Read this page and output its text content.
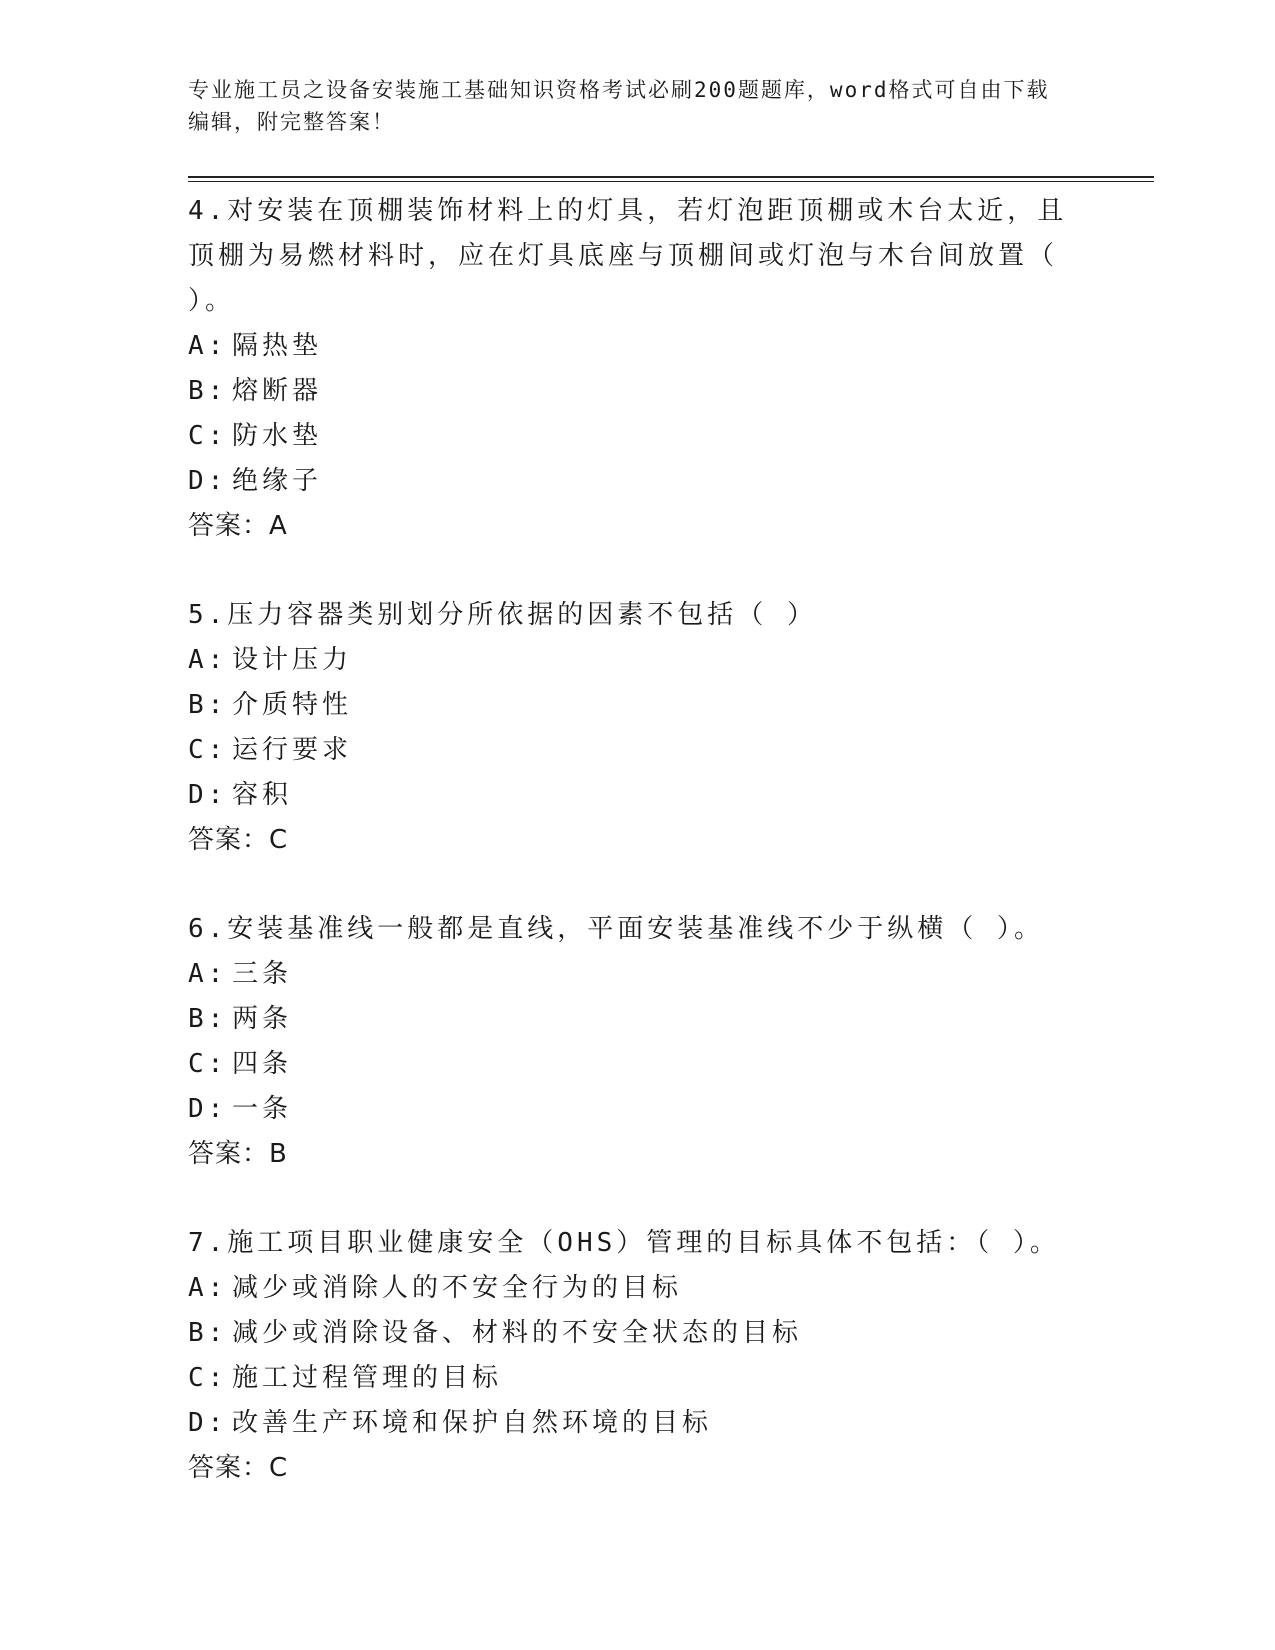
专业施工员之设备安装施工基础知识资格考试必刷200题题库，word格式可自由下载编辑，附完整答案！

4.对安装在顶棚装饰材料上的灯具，若灯泡距顶棚或木台太近，且顶棚为易燃材料时，应在灯具底座与顶棚间或灯泡与木台间放置（ ）。

A: 隔热垫

B: 熔断器

C: 防水垫

D: 绝缘子

答案：A

5.压力容器类别划分所依据的因素不包括（ ）

A: 设计压力

B: 介质特性

C: 运行要求

D: 容积

答案：C

6.安装基准线一般都是直线，平面安装基准线不少于纵横（ ）。

A: 三条

B: 两条

C: 四条

D: 一条

答案：B

7.施工项目职业健康安全（OHS）管理的目标具体不包括：（ ）。

A: 减少或消除人的不安全行为的目标

B: 减少或消除设备、材料的不安全状态的目标

C: 施工过程管理的目标

D: 改善生产环境和保护自然环境的目标

答案：C
